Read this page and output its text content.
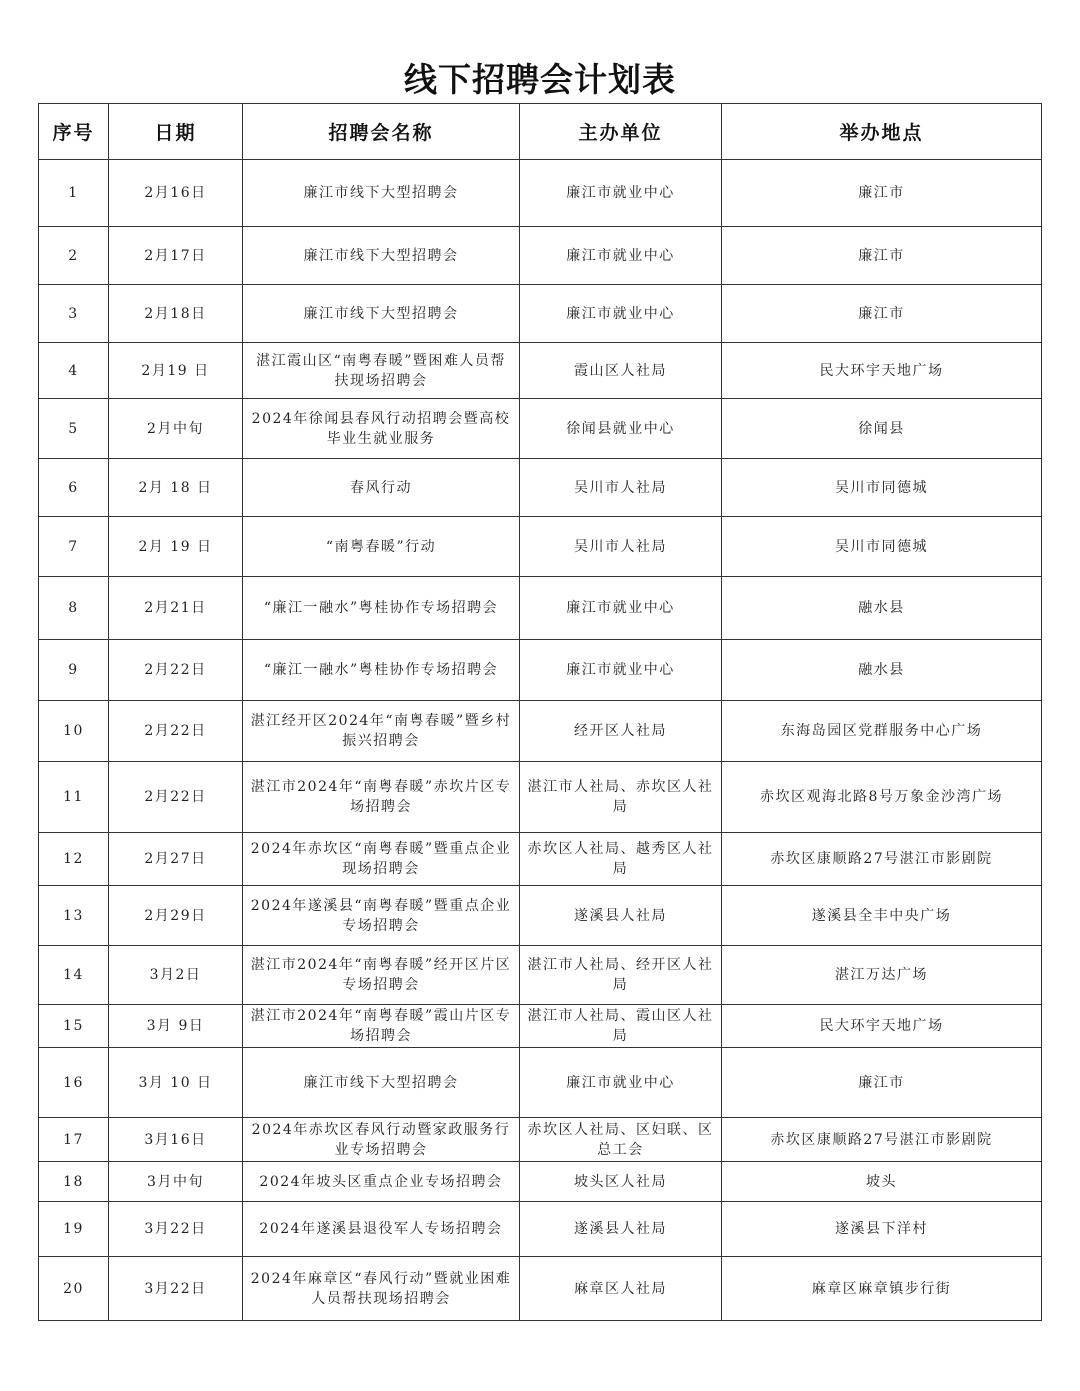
线下招聘会计划表
序号	日期	招聘会名称	主办单位	举办地点
1	2月16日	廉江市线下大型招聘会	廉江市就业中心	廉江市
2	2月17日	廉江市线下大型招聘会	廉江市就业中心	廉江市
3	2月18日	廉江市线下大型招聘会	廉江市就业中心	廉江市
4	2月19 日	湛江霞山区“南粤春暖”暨困难人员帮扶现场招聘会	霞山区人社局	民大环宇天地广场
5	2月中旬	2024年徐闻县春风行动招聘会暨高校毕业生就业服务	徐闻县就业中心	徐闻县
6	2月 18 日	春风行动	吴川市人社局	吴川市同德城
7	2月 19 日	“南粤春暖”行动	吴川市人社局	吴川市同德城
8	2月21日	“廉江一融水”粤桂协作专场招聘会	廉江市就业中心	融水县
9	2月22日	“廉江一融水”粤桂协作专场招聘会	廉江市就业中心	融水县
10	2月22日	湛江经开区2024年“南粤春暖”暨乡村振兴招聘会	经开区人社局	东海岛园区党群服务中心广场
11	2月22日	湛江市2024年“南粤春暖”赤坎片区专场招聘会	湛江市人社局、赤坎区人社局	赤坎区观海北路8号万象金沙湾广场
12	2月27日	2024年赤坎区“南粤春暖”暨重点企业现场招聘会	赤坎区人社局、越秀区人社局	赤坎区康顺路27号湛江市影剧院
13	2月29日	2024年遂溪县“南粤春暖”暨重点企业专场招聘会	遂溪县人社局	遂溪县全丰中央广场
14	3月2日	湛江市2024年“南粤春暖”经开区片区专场招聘会	湛江市人社局、经开区人社局	湛江万达广场
15	3月 9日	湛江市2024年“南粤春暖”霞山片区专场招聘会	湛江市人社局、霞山区人社局	民大环宇天地广场
16	3月 10 日	廉江市线下大型招聘会	廉江市就业中心	廉江市
17	3月16日	2024年赤坎区春风行动暨家政服务行业专场招聘会	赤坎区人社局、区妇联、区总工会	赤坎区康顺路27号湛江市影剧院
18	3月中旬	2024年坡头区重点企业专场招聘会	坡头区人社局	坡头
19	3月22日	2024年遂溪县退役军人专场招聘会	遂溪县人社局	遂溪县下洋村
20	3月22日	2024年麻章区“春风行动”暨就业困难人员帮扶现场招聘会	麻章区人社局	麻章区麻章镇步行街
